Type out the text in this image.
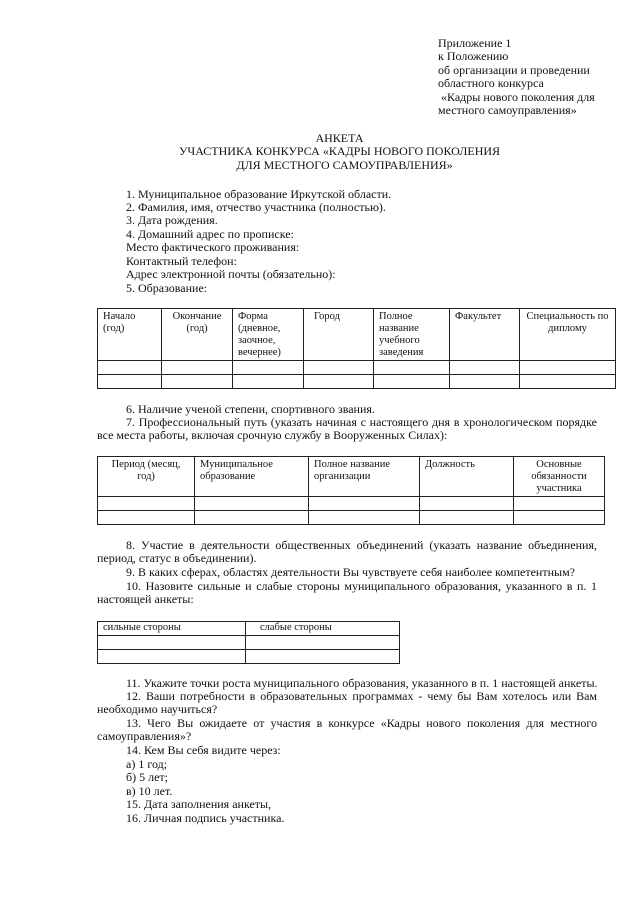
Приложение 1
к Положению
об организации и проведении
областного конкурса
«Кадры нового поколения для
местного самоуправления»
АНКЕТА
УЧАСТНИКА КОНКУРСА «КАДРЫ НОВОГО ПОКОЛЕНИЯ
ДЛЯ МЕСТНОГО САМОУПРАВЛЕНИЯ»
1. Муниципальное образование Иркутской области.
2. Фамилия, имя, отчество участника (полностью).
3. Дата рождения.
4. Домашний адрес по прописке:
Место фактического проживания:
Контактный телефон:
Адрес электронной почты (обязательно):
5. Образование:
Начало (год)	Окончание (год)	Форма (дневное, заочное, вечернее)	Город	Полное название учебного заведения	Факультет	Специальность по диплому

6. Наличие ученой степени, спортивного звания.
7. Профессиональный путь (указать начиная с настоящего дня в хронологическом порядке все места работы, включая срочную службу в Вооруженных Силах):
Период (месяц, год)	Муниципальное образование	Полное название организации	Должность	Основные обязанности участника

8. Участие в деятельности общественных объединений (указать название объединения, период, статус в объединении).
9. В каких сферах, областях деятельности Вы чувствуете себя наиболее компетентным?
10. Назовите сильные и слабые стороны муниципального образования, указанного в п. 1 настоящей анкеты:
сильные стороны	слабые стороны

11. Укажите точки роста муниципального образования, указанного в п. 1 настоящей анкеты.
12. Ваши потребности в образовательных программах - чему бы Вам хотелось или Вам необходимо научиться?
13. Чего Вы ожидаете от участия в конкурсе «Кадры нового поколения для местного самоуправления»?
14. Кем Вы себя видите через:
а) 1 год;
б) 5 лет;
в) 10 лет.
15. Дата заполнения анкеты,
16. Личная подпись участника.
